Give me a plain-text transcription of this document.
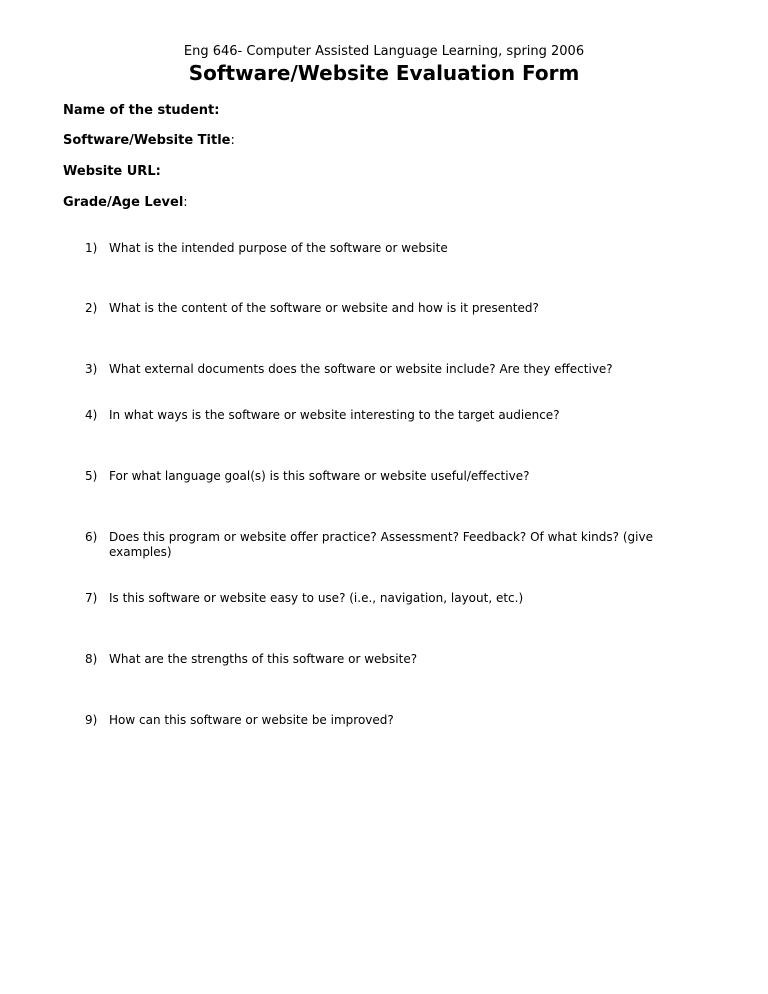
Eng 646- Computer Assisted Language Learning, spring 2006
Software/Website Evaluation Form
Name of the student:
Software/Website Title:
Website URL:
Grade/Age Level:
1) What is the intended purpose of the software or website
2) What is the content of the software or website and how is it presented?
3) What external documents does the software or website include? Are they effective?
4) In what ways is the software or website interesting to the target audience?
5) For what language goal(s) is this software or website useful/effective?
6) Does this program or website offer practice? Assessment? Feedback? Of what kinds? (give examples)
7) Is this software or website easy to use? (i.e., navigation, layout, etc.)
8) What are the strengths of this software or website?
9) How can this software or website be improved?
